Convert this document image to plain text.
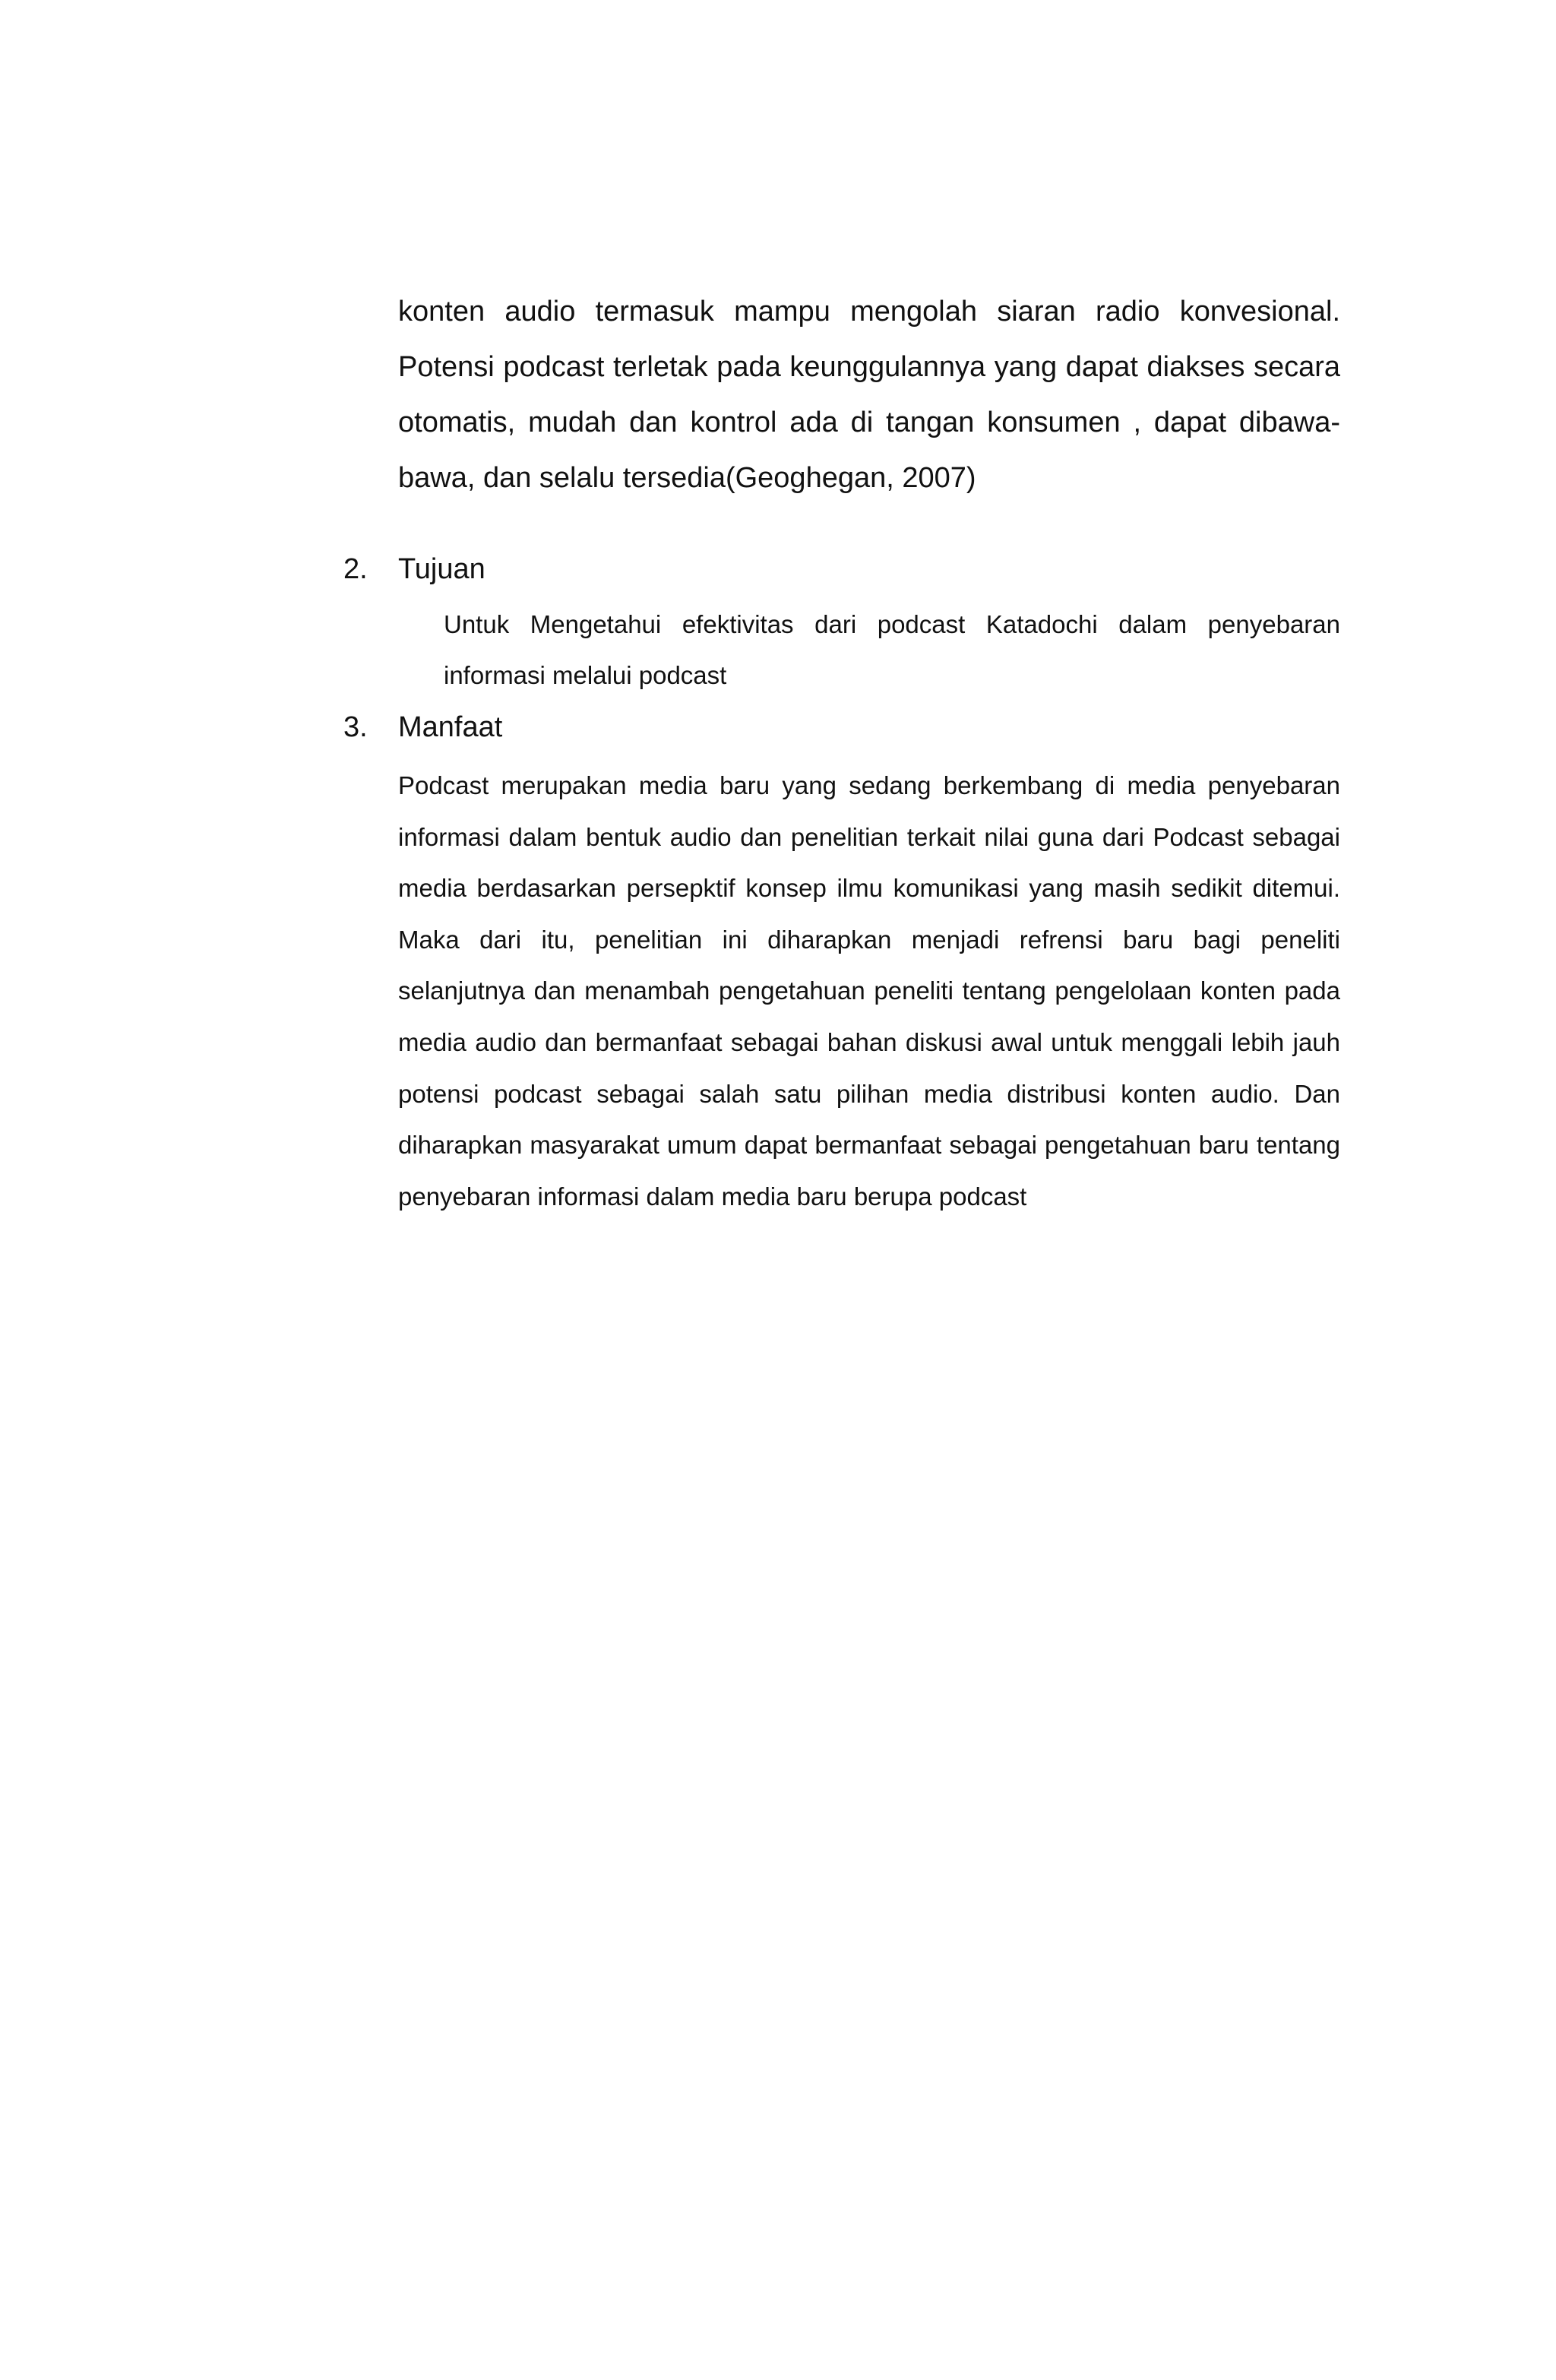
konten audio termasuk mampu mengolah siaran radio konvesional. Potensi podcast terletak pada keunggulannya yang dapat diakses secara otomatis, mudah dan kontrol ada di tangan konsumen , dapat dibawa-bawa, dan selalu tersedia(Geoghegan, 2007)

2. Tujuan

Untuk Mengetahui efektivitas dari podcast Katadochi dalam penyebaran informasi melalui podcast

3. Manfaat

Podcast merupakan media baru yang sedang berkembang di media penyebaran informasi dalam bentuk audio dan penelitian terkait nilai guna dari Podcast sebagai media berdasarkan persepktif konsep ilmu komunikasi yang masih sedikit ditemui. Maka dari itu, penelitian ini diharapkan menjadi refrensi baru bagi peneliti selanjutnya dan menambah pengetahuan peneliti tentang pengelolaan konten pada media audio dan bermanfaat sebagai bahan diskusi awal untuk menggali lebih jauh potensi podcast sebagai salah satu pilihan media distribusi konten audio. Dan diharapkan masyarakat umum dapat bermanfaat sebagai pengetahuan baru tentang penyebaran informasi dalam media baru berupa podcast
